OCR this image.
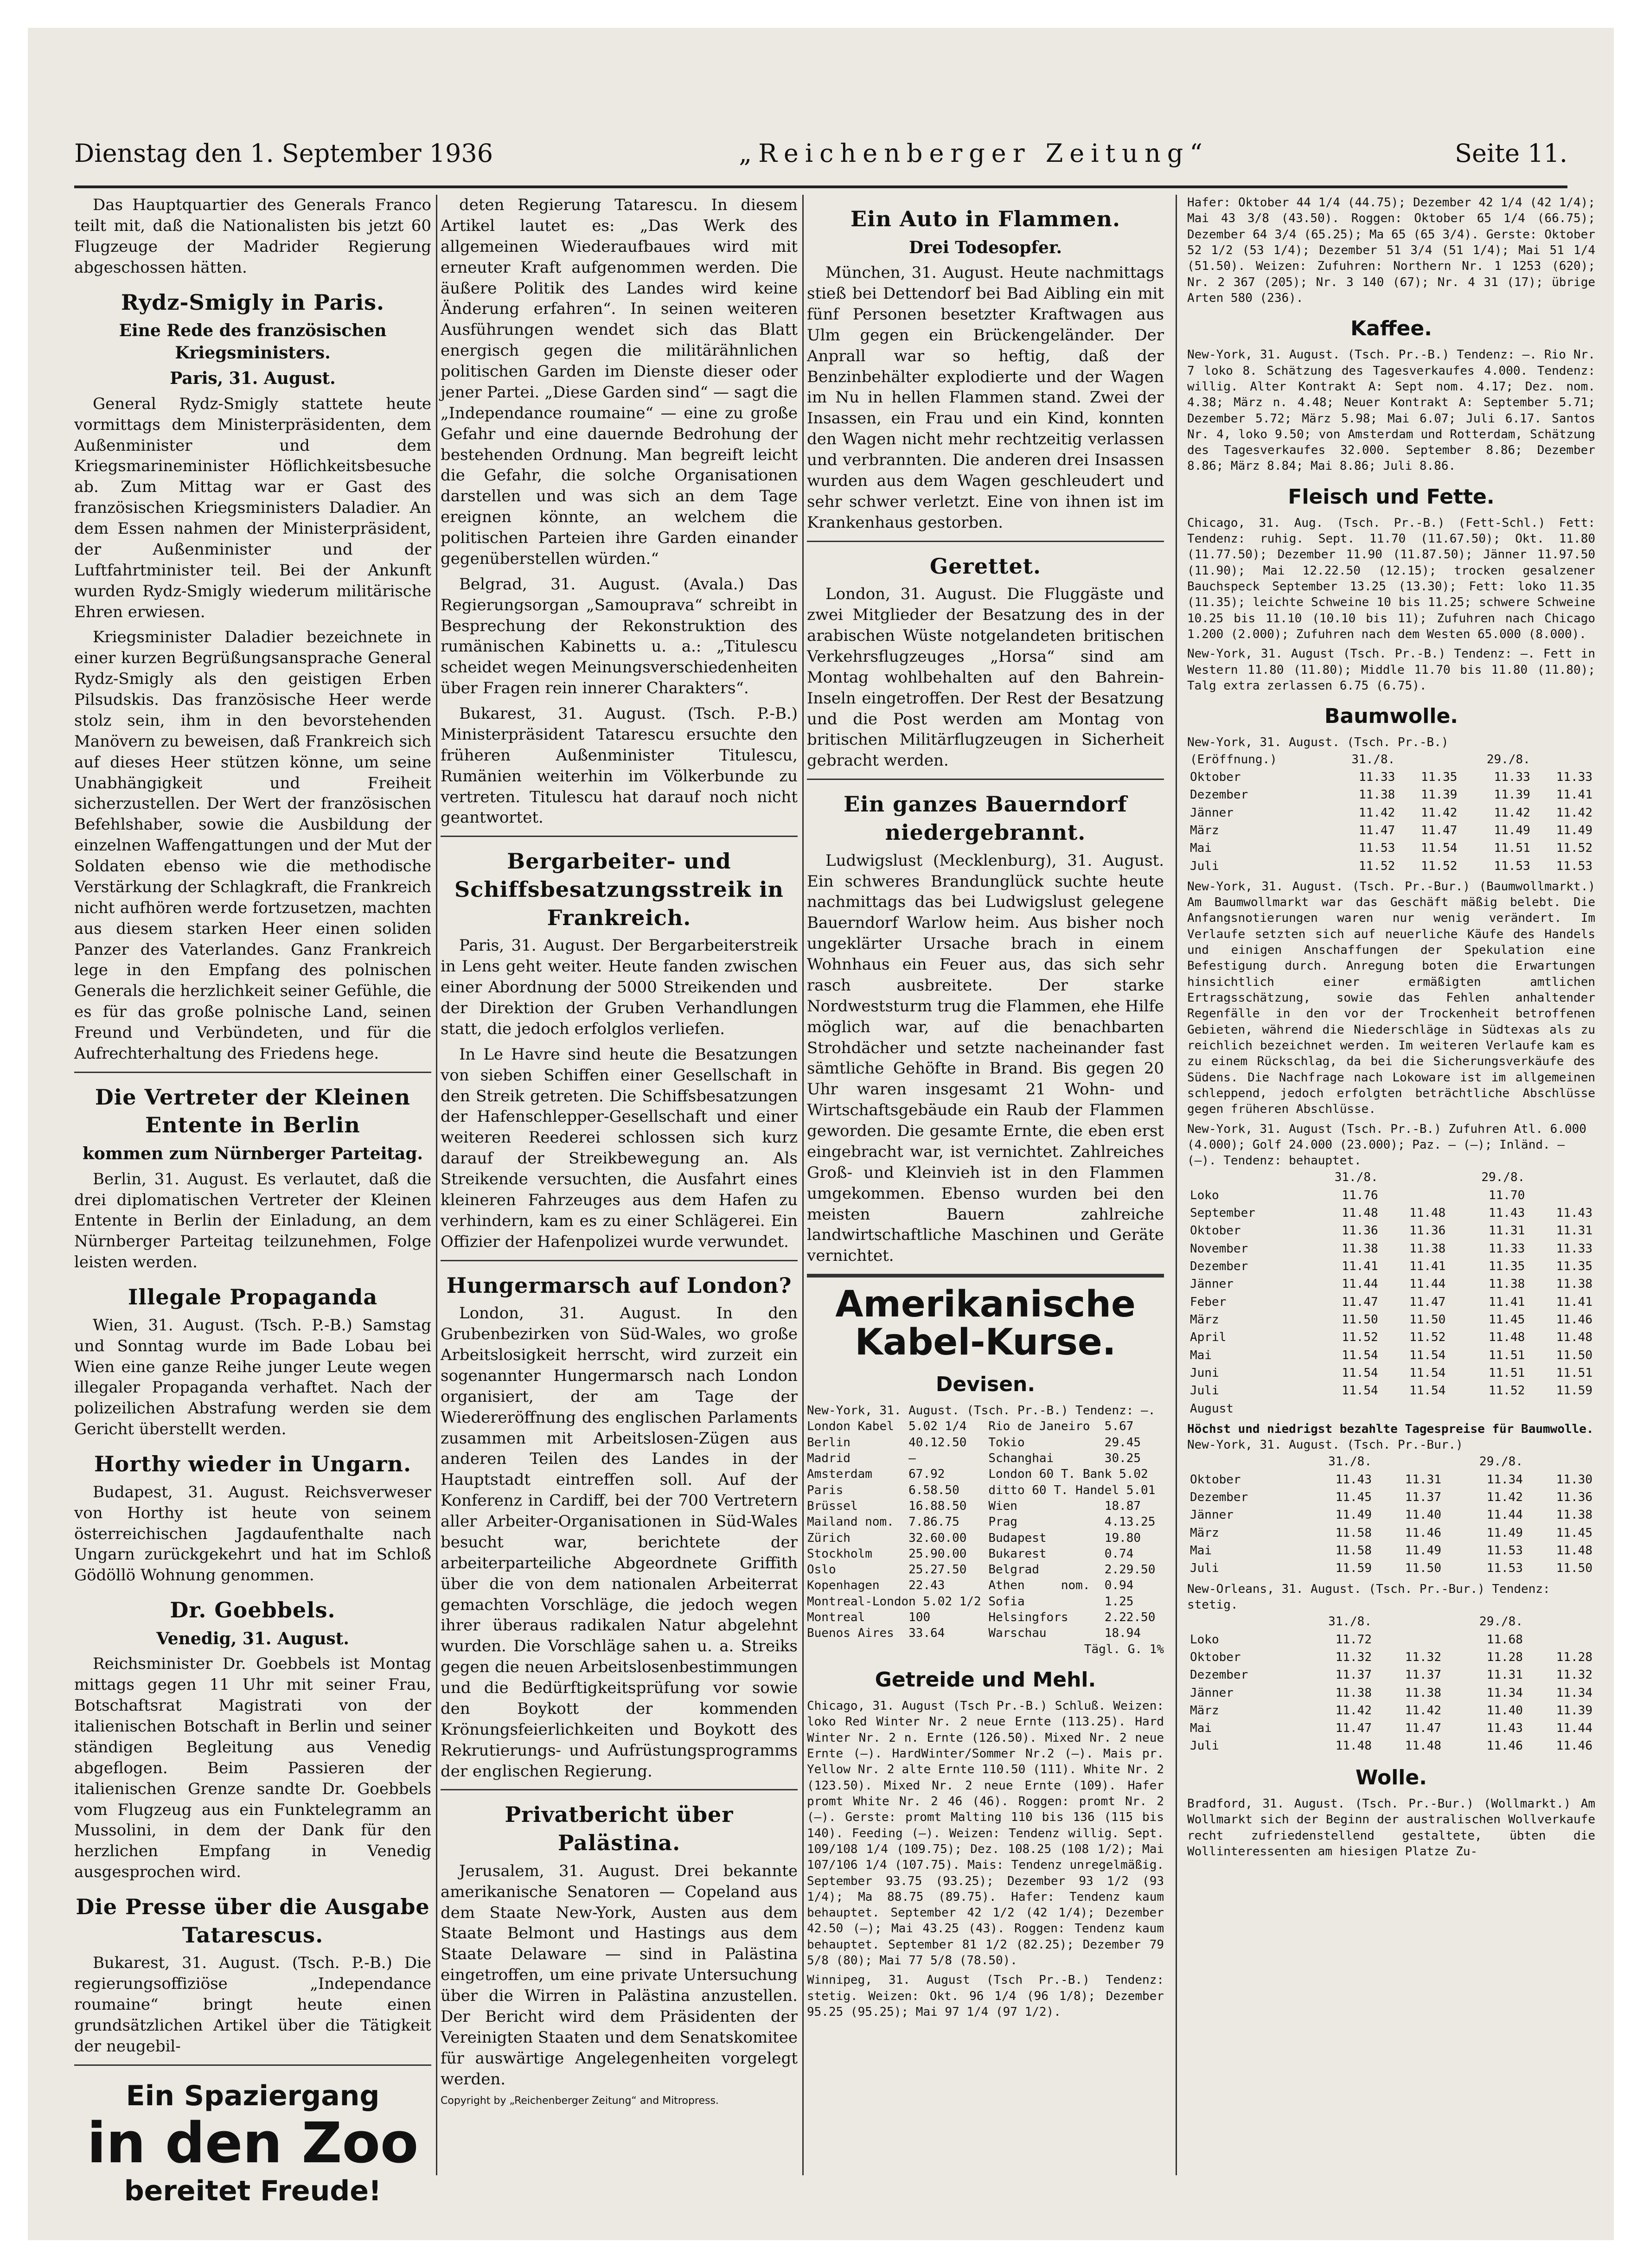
Dienstag den 1. September 1936	„Reichenberger Zeitung“	Seite 11.

Das Hauptquartier des Generals Franco teilt mit, daß die Nationalisten bis jetzt 60 Flugzeuge der Madrider Regierung abgeschossen hätten.

Rydz-Smigly in Paris.
Eine Rede des französischen Kriegsministers.
Paris, 31. August.

General Rydz-Smigly stattete heute vormittags dem Ministerpräsidenten, dem Außenminister und dem Kriegsmarineminister Höflichkeitsbesuche ab. Zum Mittag war er Gast des französischen Kriegsministers Daladier. An dem Essen nahmen der Ministerpräsident, der Außenminister und der Luftfahrtminister teil. Bei der Ankunft wurden Rydz-Smigly wiederum militärische Ehren erwiesen.

Kriegsminister Daladier bezeichnete in einer kurzen Begrüßungsansprache General Rydz-Smigly als den geistigen Erben Pilsudskis. Das französische Heer werde stolz sein, ihm in den bevorstehenden Manövern zu beweisen, daß Frankreich sich auf dieses Heer stützen könne, um seine Unabhängigkeit und Freiheit sicherzustellen. Der Wert der französischen Befehlshaber, sowie die Ausbildung der einzelnen Waffengattungen und der Mut der Soldaten ebenso wie die methodische Verstärkung der Schlagkraft, die Frankreich nicht aufhören werde fortzusetzen, machten aus diesem starken Heer einen soliden Panzer des Vaterlandes. Ganz Frankreich lege in den Empfang des polnischen Generals die herzlichkeit seiner Gefühle, die es für das große polnische Land, seinen Freund und Verbündeten, und für die Aufrechterhaltung des Friedens hege.

Die Vertreter der Kleinen Entente in Berlin
kommen zum Nürnberger Parteitag.

Berlin, 31. August. Es verlautet, daß die drei diplomatischen Vertreter der Kleinen Entente in Berlin der Einladung, an dem Nürnberger Parteitag teilzunehmen, Folge leisten werden.

Illegale Propaganda

Wien, 31. August. (Tsch. P.-B.) Samstag und Sonntag wurde im Bade Lobau bei Wien eine ganze Reihe junger Leute wegen illegaler Propaganda verhaftet. Nach der polizeilichen Abstrafung werden sie dem Gericht überstellt werden.

Horthy wieder in Ungarn.

Budapest, 31. August. Reichsverweser von Horthy ist heute von seinem österreichischen Jagdaufenthalte nach Ungarn zurückgekehrt und hat im Schloß Gödöllö Wohnung genommen.

Dr. Goebbels.
Venedig, 31. August.

Reichsminister Dr. Goebbels ist Montag mittags gegen 11 Uhr mit seiner Frau, Botschaftsrat Magistrati von der italienischen Botschaft in Berlin und seiner ständigen Begleitung aus Venedig abgeflogen. Beim Passieren der italienischen Grenze sandte Dr. Goebbels vom Flugzeug aus ein Funktelegramm an Mussolini, in dem der Dank für den herzlichen Empfang in Venedig ausgesprochen wird.

Die Presse über die Ausgabe Tatarescus.

Bukarest, 31. August. (Tsch. P.-B.) Die regierungsoffiziöse „Independance roumaine“ bringt heute einen grundsätzlichen Artikel über die Tätigkeit der neugebil-

Ein Spaziergang
in den Zoo
bereitet Freude!

deten Regierung Tatarescu. In diesem Artikel lautet es: „Das Werk des allgemeinen Wiederaufbaues wird mit erneuter Kraft aufgenommen werden. Die äußere Politik des Landes wird keine Änderung erfahren“. In seinen weiteren Ausführungen wendet sich das Blatt energisch gegen die militärähnlichen politischen Garden im Dienste dieser oder jener Partei. „Diese Garden sind“ — sagt die „Independance roumaine“ — eine zu große Gefahr und eine dauernde Bedrohung der bestehenden Ordnung. Man begreift leicht die Gefahr, die solche Organisationen darstellen und was sich an dem Tage ereignen könnte, an welchem die politischen Parteien ihre Garden einander gegenüberstellen würden.“

Belgrad, 31. August. (Avala.) Das Regierungsorgan „Samouprava“ schreibt in Besprechung der Rekonstruktion des rumänischen Kabinetts u. a.: „Titulescu scheidet wegen Meinungsverschiedenheiten über Fragen rein innerer Charakters“.

Bukarest, 31. August. (Tsch. P.-B.) Ministerpräsident Tatarescu ersuchte den früheren Außenminister Titulescu, Rumänien weiterhin im Völkerbunde zu vertreten. Titulescu hat darauf noch nicht geantwortet.

Bergarbeiter- und Schiffsbesatzungsstreik in Frankreich.

Paris, 31. August. Der Bergarbeiterstreik in Lens geht weiter. Heute fanden zwischen einer Abordnung der 5000 Streikenden und der Direktion der Gruben Verhandlungen statt, die jedoch erfolglos verliefen.

In Le Havre sind heute die Besatzungen von sieben Schiffen einer Gesellschaft in den Streik getreten. Die Schiffsbesatzungen der Hafenschlepper-Gesellschaft und einer weiteren Reederei schlossen sich kurz darauf der Streikbewegung an. Als Streikende versuchten, die Ausfahrt eines kleineren Fahrzeuges aus dem Hafen zu verhindern, kam es zu einer Schlägerei. Ein Offizier der Hafenpolizei wurde verwundet.

Hungermarsch auf London?

London, 31. August. In den Grubenbezirken von Süd-Wales, wo große Arbeitslosigkeit herrscht, wird zurzeit ein sogenannter Hungermarsch nach London organisiert, der am Tage der Wiedereröffnung des englischen Parlaments zusammen mit Arbeitslosen-Zügen aus anderen Teilen des Landes in der Hauptstadt eintreffen soll. Auf der Konferenz in Cardiff, bei der 700 Vertretern aller Arbeiter-Organisationen in Süd-Wales besucht war, berichtete der arbeiterparteiliche Abgeordnete Griffith über die von dem nationalen Arbeiterrat gemachten Vorschläge, die jedoch wegen ihrer überaus radikalen Natur abgelehnt wurden. Die Vorschläge sahen u. a. Streiks gegen die neuen Arbeitslosenbestimmungen und die Bedürftigkeitsprüfung vor sowie den Boykott der kommenden Krönungsfeierlichkeiten und Boykott des Rekrutierungs- und Aufrüstungsprogramms der englischen Regierung.

Privatbericht über Palästina.

Jerusalem, 31. August. Drei bekannte amerikanische Senatoren — Copeland aus dem Staate New-York, Austen aus dem Staate Belmont und Hastings aus dem Staate Delaware — sind in Palästina eingetroffen, um eine private Untersuchung über die Wirren in Palästina anzustellen. Der Bericht wird dem Präsidenten der Vereinigten Staaten und dem Senatskomitee für auswärtige Angelegenheiten vorgelegt werden.

Copyright by „Reichenberger Zeitung“ and Mitropress.
Ein Auto in Flammen.
Drei Todesopfer.

München, 31. August. Heute nachmittags stieß bei Dettendorf bei Bad Aibling ein mit fünf Personen besetzter Kraftwagen aus Ulm gegen ein Brückengeländer. Der Anprall war so heftig, daß der Benzinbehälter explodierte und der Wagen im Nu in hellen Flammen stand. Zwei der Insassen, ein Frau und ein Kind, konnten den Wagen nicht mehr rechtzeitig verlassen und verbrannten. Die anderen drei Insassen wurden aus dem Wagen geschleudert und sehr schwer verletzt. Eine von ihnen ist im Krankenhaus gestorben.

Gerettet.

London, 31. August. Die Fluggäste und zwei Mitglieder der Besatzung des in der arabischen Wüste notgelandeten britischen Verkehrsflugzeuges „Horsa“ sind am Montag wohlbehalten auf den Bahrein-Inseln eingetroffen. Der Rest der Besatzung und die Post werden am Montag von britischen Militärflugzeugen in Sicherheit gebracht werden.

Ein ganzes Bauerndorf niedergebrannt.

Ludwigslust (Mecklenburg), 31. August. Ein schweres Brandunglück suchte heute nachmittags das bei Ludwigslust gelegene Bauerndorf Warlow heim. Aus bisher noch ungeklärter Ursache brach in einem Wohnhaus ein Feuer aus, das sich sehr rasch ausbreitete. Der starke Nordweststurm trug die Flammen, ehe Hilfe möglich war, auf die benachbarten Strohdächer und setzte nacheinander fast sämtliche Gehöfte in Brand. Bis gegen 20 Uhr waren insgesamt 21 Wohn- und Wirtschaftsgebäude ein Raub der Flammen geworden. Die gesamte Ernte, die eben erst eingebracht war, ist vernichtet. Zahlreiches Groß- und Kleinvieh ist in den Flammen umgekommen. Ebenso wurden bei den meisten Bauern zahlreiche landwirtschaftliche Maschinen und Geräte vernichtet.

Amerikanische Kabel-Kurse.
Devisen.
New-York, 31. August. (Tsch. Pr.-B.) Tendenz: —.
London Kabel  5.02 1/4   Rio de Janeiro  5.67
Berlin        40.12.50   Tokio           29.45
Madrid        —          Schanghai       30.25
Amsterdam     67.92      London 60 T. Bank 5.02
Paris         6.58.50    ditto 60 T. Handel 5.01
Brüssel       16.88.50   Wien            18.87
Mailand nom.  7.86.75    Prag            4.13.25
Zürich        32.60.00   Budapest        19.80
Stockholm     25.90.00   Bukarest        0.74
Oslo          25.27.50   Belgrad         2.29.50
Kopenhagen    22.43      Athen     nom.  0.94
Montreal-London 5.02 1/2 Sofia           1.25
Montreal      100        Helsingfors     2.22.50
Buenos Aires  33.64      Warschau        18.94
Tägl. G. 1%
Getreide und Mehl.
Chicago, 31. August (Tsch Pr.-B.) Schluß. Weizen: loko Red Winter Nr. 2 neue Ernte (113.25). Hard Winter Nr. 2 n. Ernte (126.50). Mixed Nr. 2 neue Ernte (—). HardWinter/Sommer Nr.2 (—). Mais pr. Yellow Nr. 2 alte Ernte 110.50 (111). White Nr. 2 (123.50). Mixed Nr. 2 neue Ernte (109). Hafer promt White Nr. 2 46 (46). Roggen: promt Nr. 2 (—). Gerste: promt Malting 110 bis 136 (115 bis 140). Feeding (—). Weizen: Tendenz willig. Sept. 109/108 1/4 (109.75); Dez. 108.25 (108 1/2); Mai 107/106 1/4 (107.75). Mais: Tendenz unregelmäßig. September 93.75 (93.25); Dezember 93 1/2 (93 1/4); Ma 88.75 (89.75). Hafer: Tendenz kaum behauptet. September 42 1/2 (42 1/4); Dezember 42.50 (—); Mai 43.25 (43). Roggen: Tendenz kaum behauptet. September 81 1/2 (82.25); Dezember 79 5/8 (80); Mai 77 5/8 (78.50).
Winnipeg, 31. August (Tsch Pr.-B.) Tendenz: stetig. Weizen: Okt. 96 1/4 (96 1/8); Dezember 95.25 (95.25); Mai 97 1/4 (97 1/2).
Hafer: Oktober 44 1/4 (44.75); Dezember 42 1/4 (42 1/4); Mai 43 3/8 (43.50). Roggen: Oktober 65 1/4 (66.75); Dezember 64 3/4 (65.25); Ma 65 (65 3/4). Gerste: Oktober 52 1/2 (53 1/4); Dezember 51 3/4 (51 1/4); Mai 51 1/4 (51.50). Weizen: Zufuhren: Northern Nr. 1 1253 (620); Nr. 2 367 (205); Nr. 3 140 (67); Nr. 4 31 (17); übrige Arten 580 (236).
Kaffee.
New-York, 31. August. (Tsch. Pr.-B.) Tendenz: —. Rio Nr. 7 loko 8. Schätzung des Tagesverkaufes 4.000. Tendenz: willig. Alter Kontrakt A: Sept nom. 4.17; Dez. nom. 4.38; März n. 4.48; Neuer Kontrakt A: September 5.71; Dezember 5.72; März 5.98; Mai 6.07; Juli 6.17. Santos Nr. 4, loko 9.50; von Amsterdam und Rotterdam, Schätzung des Tagesverkaufes 32.000. September 8.86; Dezember 8.86; März 8.84; Mai 8.86; Juli 8.86.
Fleisch und Fette.
Chicago, 31. Aug. (Tsch. Pr.-B.) (Fett-Schl.) Fett: Tendenz: ruhig. Sept. 11.70 (11.67.50); Okt. 11.80 (11.77.50); Dezember 11.90 (11.87.50); Jänner 11.97.50 (11.90); Mai 12.22.50 (12.15); trocken gesalzener Bauchspeck September 13.25 (13.30); Fett: loko 11.35 (11.35); leichte Schweine 10 bis 11.25; schwere Schweine 10.25 bis 11.10 (10.10 bis 11); Zufuhren nach Chicago 1.200 (2.000); Zufuhren nach dem Westen 65.000 (8.000).
New-York, 31. August (Tsch. Pr.-B.) Tendenz: —. Fett in Western 11.80 (11.80); Middle 11.70 bis 11.80 (11.80); Talg extra zerlassen 6.75 (6.75).
Baumwolle.
New-York, 31. August. (Tsch. Pr.-B.)
(Eröffnung.)	31./8.		29./8.	
Oktober	11.33	11.35	11.33	11.33
Dezember	11.38	11.39	11.39	11.41
Jänner	11.42	11.42	11.42	11.42
März	11.47	11.47	11.49	11.49
Mai	11.53	11.54	11.51	11.52
Juli	11.52	11.52	11.53	11.53
New-York, 31. August. (Tsch. Pr.-Bur.) (Baumwollmarkt.) Am Baumwollmarkt war das Geschäft mäßig belebt. Die Anfangsnotierungen waren nur wenig verändert. Im Verlaufe setzten sich auf neuerliche Käufe des Handels und einigen Anschaffungen der Spekulation eine Befestigung durch. Anregung boten die Erwartungen hinsichtlich einer ermäßigten amtlichen Ertragsschätzung, sowie das Fehlen anhaltender Regenfälle in den vor der Trockenheit betroffenen Gebieten, während die Niederschläge in Südtexas als zu reichlich bezeichnet werden. Im weiteren Verlaufe kam es zu einem Rückschlag, da bei die Sicherungsverkäufe des Südens. Die Nachfrage nach Lokoware ist im allgemeinen schleppend, jedoch erfolgten beträchtliche Abschlüsse gegen früheren Abschlüsse.
New-York, 31. August (Tsch. Pr.-B.) Zufuhren Atl. 6.000 (4.000); Golf 24.000 (23.000); Paz. — (—); Inländ. — (—). Tendenz: behauptet.
	31./8.		29./8.	
Loko	11.76		11.70	
September	11.48	11.48	11.43	11.43
Oktober	11.36	11.36	11.31	11.31
November	11.38	11.38	11.33	11.33
Dezember	11.41	11.41	11.35	11.35
Jänner	11.44	11.44	11.38	11.38
Feber	11.47	11.47	11.41	11.41
März	11.50	11.50	11.45	11.46
April	11.52	11.52	11.48	11.48
Mai	11.54	11.54	11.51	11.50
Juni	11.54	11.54	11.51	11.51
Juli	11.54	11.54	11.52	11.59
August				
Höchst und niedrigst bezahlte Tagespreise für Baumwolle.
New-York, 31. August. (Tsch. Pr.-Bur.)
	31./8.		29./8.	
Oktober	11.43	11.31	11.34	11.30
Dezember	11.45	11.37	11.42	11.36
Jänner	11.49	11.40	11.44	11.38
März	11.58	11.46	11.49	11.45
Mai	11.58	11.49	11.53	11.48
Juli	11.59	11.50	11.53	11.50
New-Orleans, 31. August. (Tsch. Pr.-Bur.) Tendenz: stetig.
	31./8.		29./8.	
Loko	11.72		11.68	
Oktober	11.32	11.32	11.28	11.28
Dezember	11.37	11.37	11.31	11.32
Jänner	11.38	11.38	11.34	11.34
März	11.42	11.42	11.40	11.39
Mai	11.47	11.47	11.43	11.44
Juli	11.48	11.48	11.46	11.46
Wolle.
Bradford, 31. August. (Tsch. Pr.-Bur.) (Wollmarkt.) Am Wollmarkt sich der Beginn der australischen Wollverkaufe recht zufriedenstellend gestaltete, übten die Wollinteressenten am hiesigen Platze Zu-
